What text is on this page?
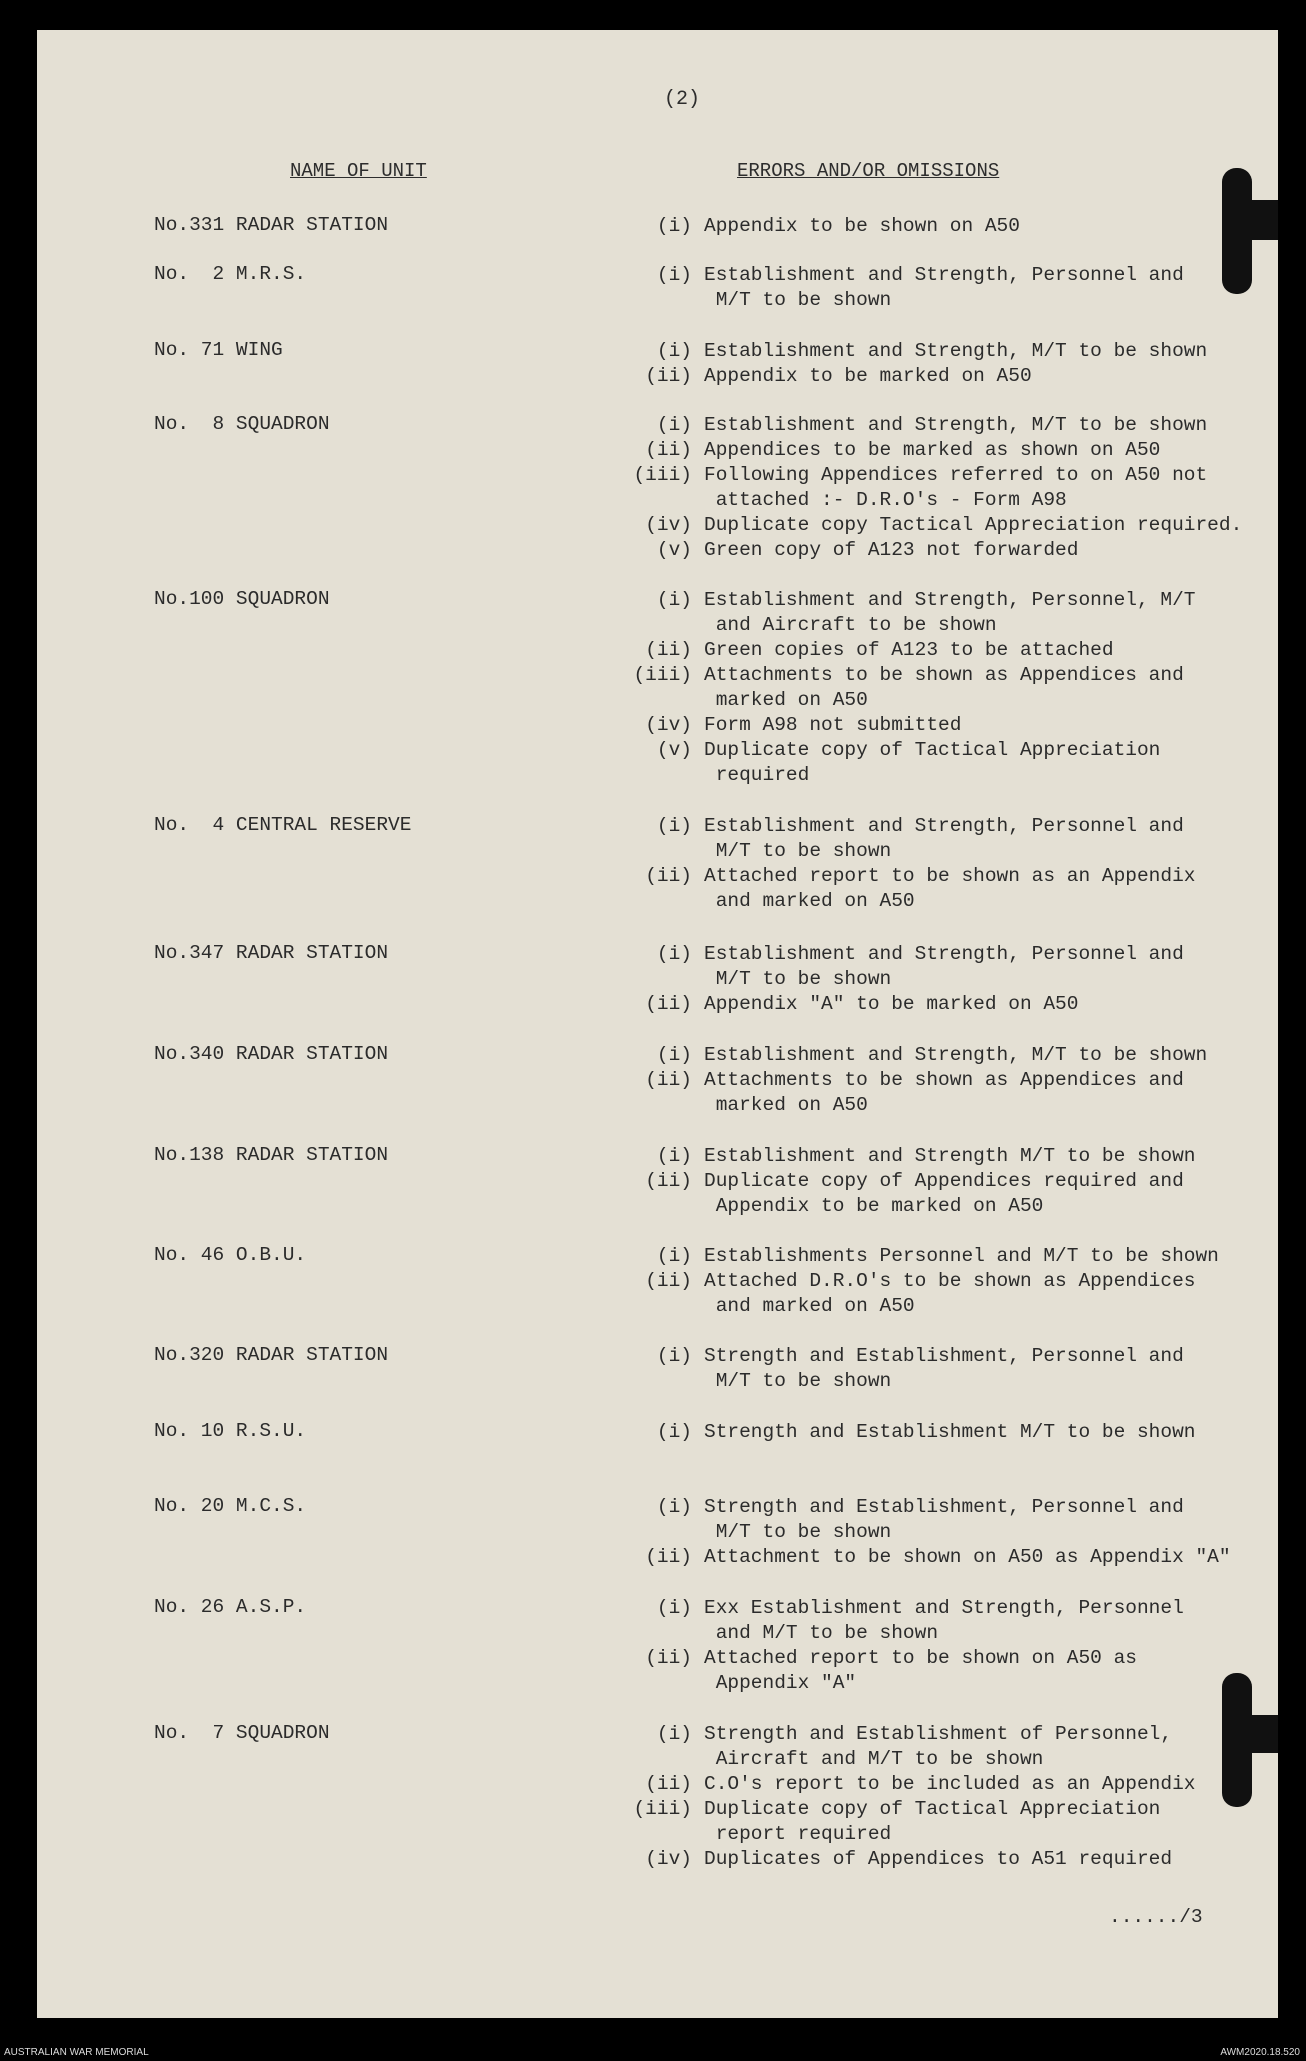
(2)
NAME OF UNIT	ERRORS AND/OR OMISSIONS
No.331 RADAR STATION	(i) Appendix to be shown on A50
No.  2 M.R.S.	(i) Establishment and Strength, Personnel and
M/T to be shown
No. 71 WING	(i) Establishment and Strength, M/T to be shown
(ii) Appendix to be marked on A50
No.  8 SQUADRON	(i) Establishment and Strength, M/T to be shown
(ii) Appendices to be marked as shown on A50
(iii) Following Appendices referred to on A50 not
attached :- D.R.O's - Form A98
(iv) Duplicate copy Tactical Appreciation required.
(v) Green copy of A123 not forwarded
No.100 SQUADRON	(i) Establishment and Strength, Personnel, M/T
and Aircraft to be shown
(ii) Green copies of A123 to be attached
(iii) Attachments to be shown as Appendices and
marked on A50
(iv) Form A98 not submitted
(v) Duplicate copy of Tactical Appreciation
required
No.  4 CENTRAL RESERVE	(i) Establishment and Strength, Personnel and
M/T to be shown
(ii) Attached report to be shown as an Appendix
and marked on A50
No.347 RADAR STATION	(i) Establishment and Strength, Personnel and
M/T to be shown
(ii) Appendix "A" to be marked on A50
No.340 RADAR STATION	(i) Establishment and Strength, M/T to be shown
(ii) Attachments to be shown as Appendices and
marked on A50
No.138 RADAR STATION	(i) Establishment and Strength M/T to be shown
(ii) Duplicate copy of Appendices required and
Appendix to be marked on A50
No. 46 O.B.U.	(i) Establishments Personnel and M/T to be shown
(ii) Attached D.R.O's to be shown as Appendices
and marked on A50
No.320 RADAR STATION	(i) Strength and Establishment, Personnel and
M/T to be shown
No. 10 R.S.U.	(i) Strength and Establishment M/T to be shown
No. 20 M.C.S.	(i) Strength and Establishment, Personnel and
M/T to be shown
(ii) Attachment to be shown on A50 as Appendix "A"
No. 26 A.S.P.	(i) Exx Establishment and Strength, Personnel
and M/T to be shown
(ii) Attached report to be shown on A50 as
Appendix "A"
No.  7 SQUADRON	(i) Strength and Establishment of Personnel,
Aircraft and M/T to be shown
(ii) C.O's report to be included as an Appendix
(iii) Duplicate copy of Tactical Appreciation
report required
(iv) Duplicates of Appendices to A51 required
....../3
AUSTRALIAN WAR MEMORIAL	AWM2020.18.520
